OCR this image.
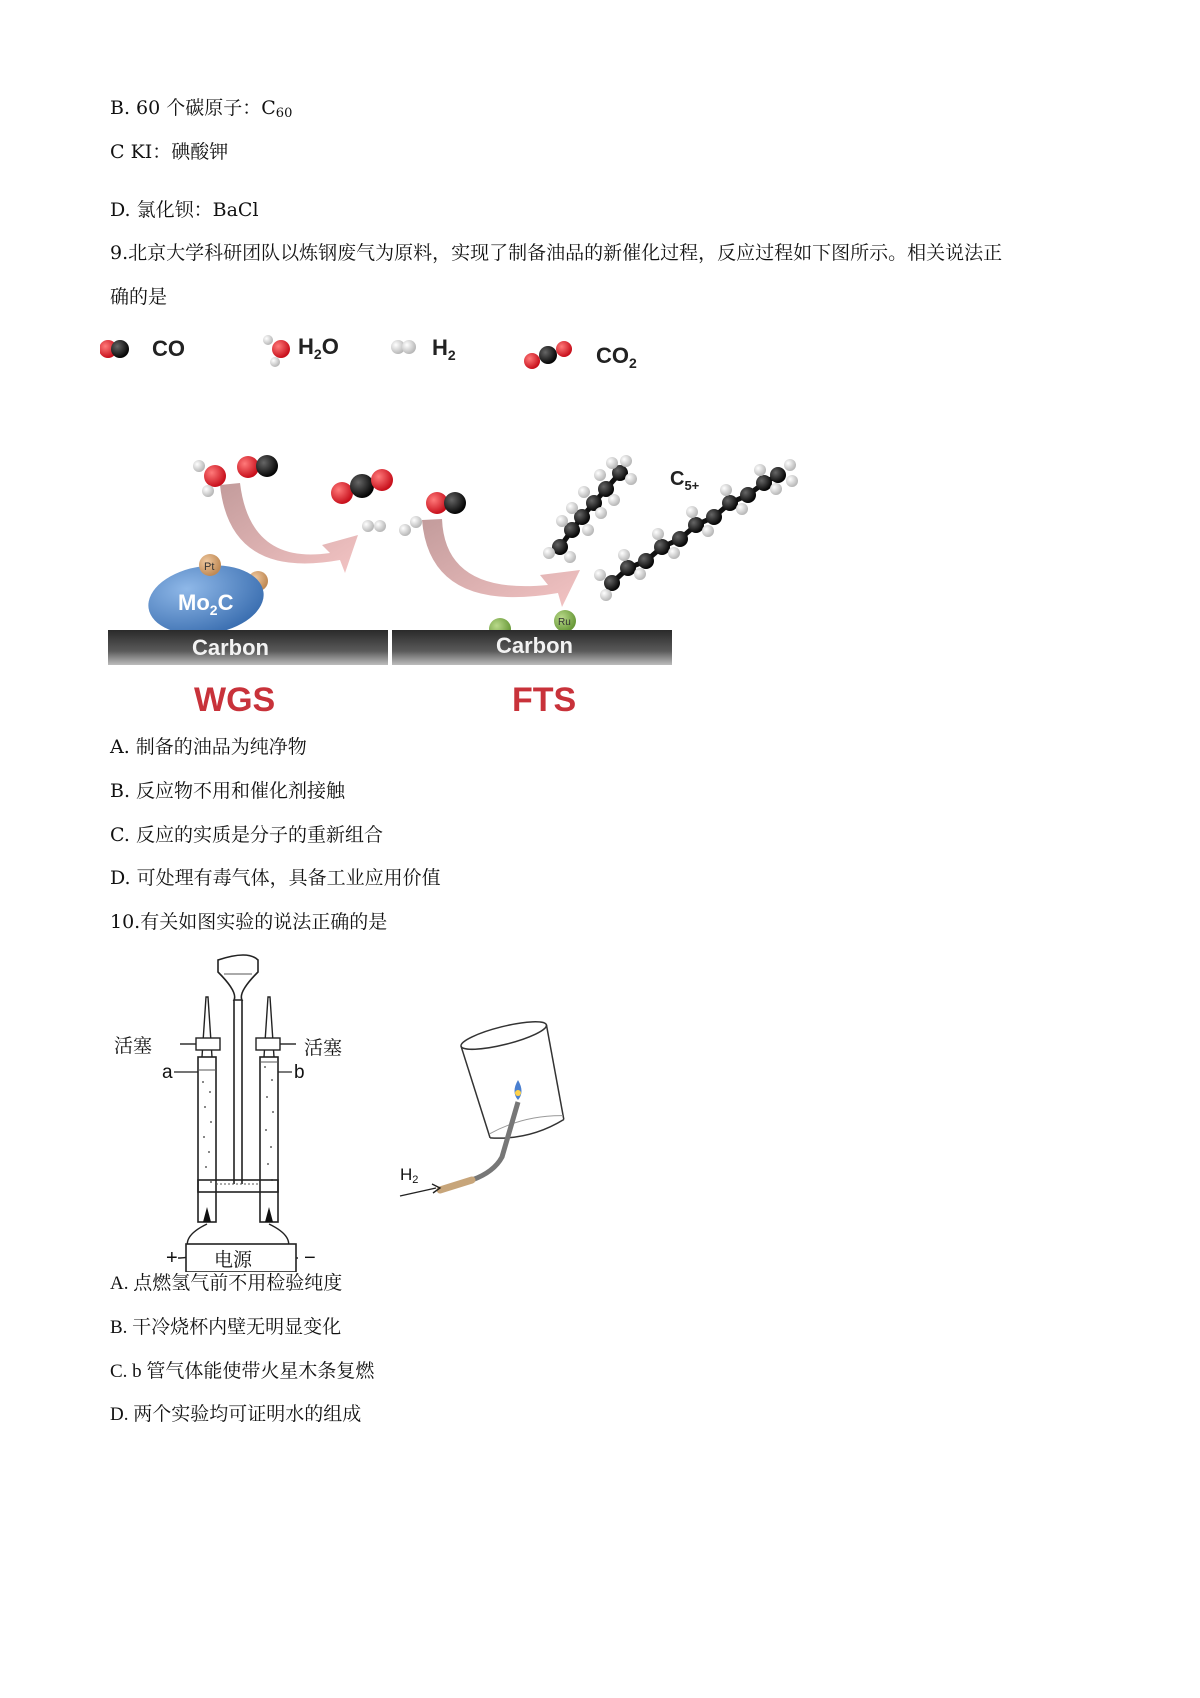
B. 60 个碳原子：$C_{60}$
C KI：碘酸钾
D. 氯化钡：BaCl
9.北京大学科研团队以炼钢废气为原料，实现了制备油品的新催化过程，反应过程如下图所示。相关说法正
确的是
CO	$H_2O$	$H_2$	$CO_2$
$C_{5+}$
Pt
$Mo_2C$
Ru
Carbon	Carbon
WGS	FTS
A. 制备的油品为纯净物
B. 反应物不用和催化剂接触
C. 反应的实质是分子的重新组合
D. 可处理有毒气体，具备工业应用价值
10.有关如图实验的说法正确的是
电源
+	−
活塞	活塞
a	b
H2
A. 点燃氢气前不用检验纯度
B. 干冷烧杯内壁无明显变化
C. b 管气体能使带火星木条复燃
D. 两个实验均可证明水的组成
